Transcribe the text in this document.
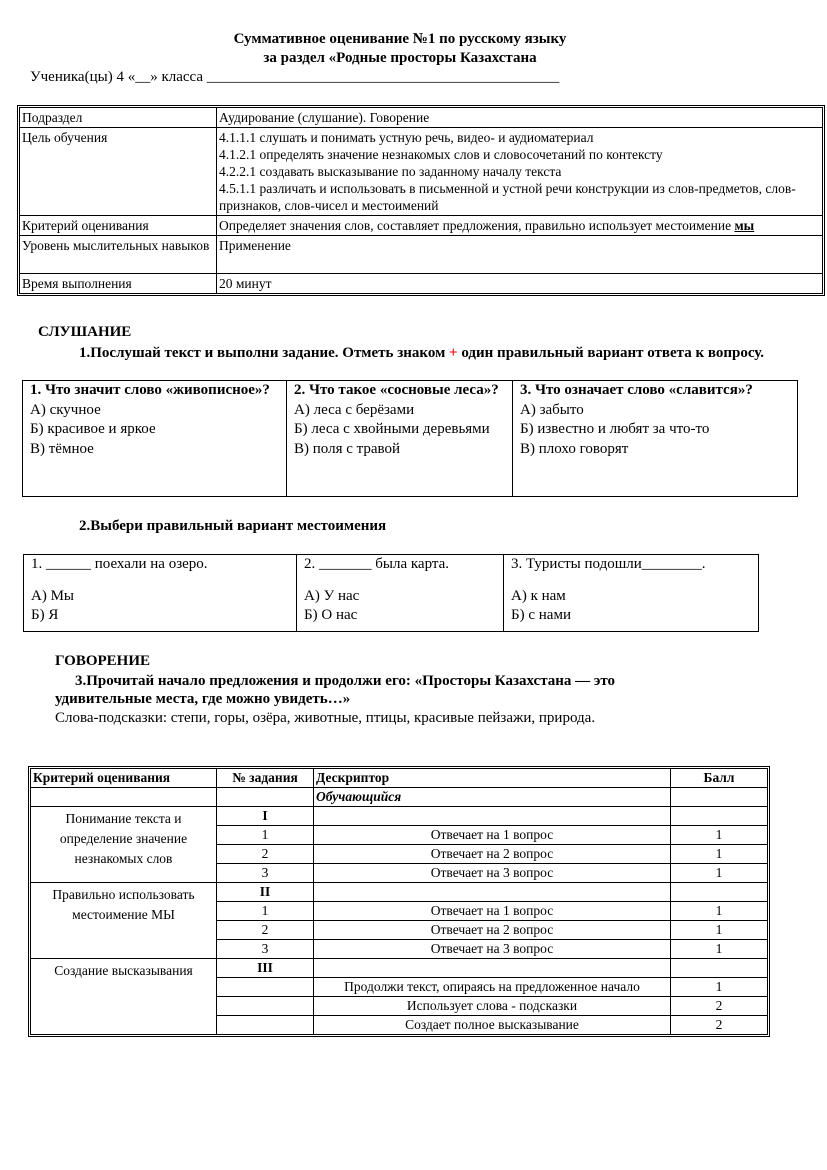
Суммативное оценивание №1 по русскому языку
за раздел «Родные просторы Казахстана
Ученика(цы) 4 «__» класса _______________________________________________
Подраздел	Аудирование (слушание). Говорение
Цель обучения	4.1.1.1 слушать и понимать устную речь, видео- и аудиоматериал
4.1.2.1 определять значение незнакомых слов и словосочетаний по контексту
4.2.2.1 создавать высказывание по заданному началу текста
4.5.1.1 различать и использовать в письменной и устной речи конструкции из слов-предметов, слов-признаков, слов-чисел и местоимений

Критерий оценивания	Определяет значения слов, составляет предложения, правильно использует местоимение мы
Уровень мыслительных навыков	Применение
Время выполнения	20 минут
СЛУШАНИЕ
1.Послушай текст и выполни задание. Отметь знаком + один правильный вариант ответа к вопросу.
1. Что значит слово «живописное»?
А) скучное
Б) красивое и яркое
В) тёмное

2. Что такое «сосновые леса»?
А) леса с берёзами
Б) леса с хвойными деревьями
В) поля с травой

3. Что означает слово «славится»?
А) забыто
Б) известно и любят за что-то
В) плохо говорят
2.Выбери правильный вариант местоимения
1. ______ поехали на озеро.
А) Мы
Б) Я

2. _______ была карта.
А) У нас
Б) О нас

3. Туристы подошли________.
А) к нам
Б) с нами
ГОВОРЕНИЕ
3.Прочитай начало предложения и продолжи его: «Просторы Казахстана — это удивительные места, где можно увидеть…»
Слова-подсказки: степи, горы, озёра, животные, птицы, красивые пейзажи, природа.
Критерий оценивания	№ задания	Дескриптор	Балл
		Обучающийся	
Понимание текста и определение значение незнакомых слов	I		
	1	Отвечает на 1 вопрос	1
	2	Отвечает на 2 вопрос	1
	3	Отвечает на 3 вопрос	1
Правильно использовать местоимение МЫ	II		
	1	Отвечает на 1 вопрос	1
	2	Отвечает на 2 вопрос	1
	3	Отвечает на 3 вопрос	1
Создание высказывания	III		
		Продолжи текст, опираясь на предложенное начало	1
		Использует слова - подсказки	2
		Создает полное высказывание	2
